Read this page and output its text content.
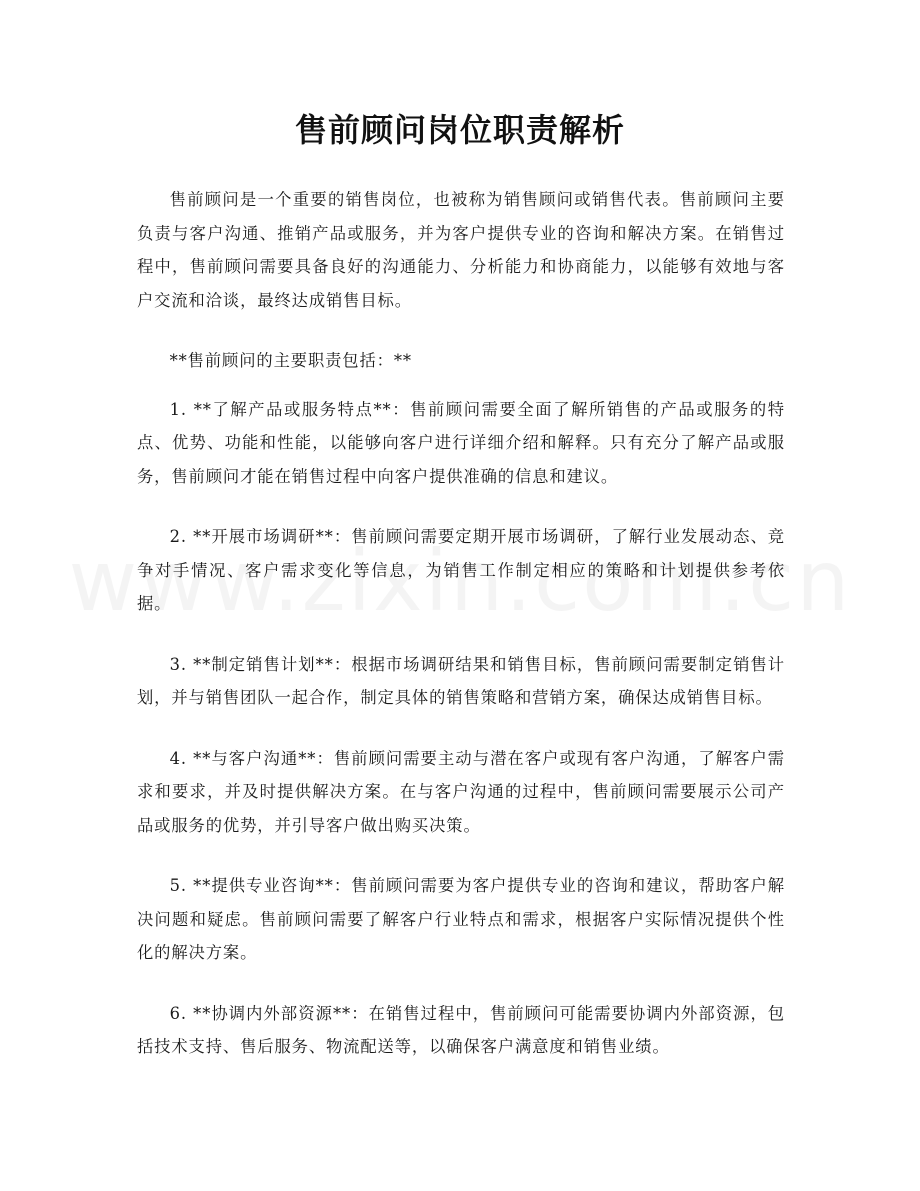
售前顾问岗位职责解析

售前顾问是一个重要的销售岗位，也被称为销售顾问或销售代表。售前顾问主要负责与客户沟通、推销产品或服务，并为客户提供专业的咨询和解决方案。在销售过程中，售前顾问需要具备良好的沟通能力、分析能力和协商能力，以能够有效地与客户交流和洽谈，最终达成销售目标。

**售前顾问的主要职责包括：**

1. **了解产品或服务特点**：售前顾问需要全面了解所销售的产品或服务的特点、优势、功能和性能，以能够向客户进行详细介绍和解释。只有充分了解产品或服务，售前顾问才能在销售过程中向客户提供准确的信息和建议。

2. **开展市场调研**：售前顾问需要定期开展市场调研，了解行业发展动态、竞争对手情况、客户需求变化等信息，为销售工作制定相应的策略和计划提供参考依据。

3. **制定销售计划**：根据市场调研结果和销售目标，售前顾问需要制定销售计划，并与销售团队一起合作，制定具体的销售策略和营销方案，确保达成销售目标。

4. **与客户沟通**：售前顾问需要主动与潜在客户或现有客户沟通，了解客户需求和要求，并及时提供解决方案。在与客户沟通的过程中，售前顾问需要展示公司产品或服务的优势，并引导客户做出购买决策。

5. **提供专业咨询**：售前顾问需要为客户提供专业的咨询和建议，帮助客户解决问题和疑虑。售前顾问需要了解客户行业特点和需求，根据客户实际情况提供个性化的解决方案。

6. **协调内外部资源**：在销售过程中，售前顾问可能需要协调内外部资源，包括技术支持、售后服务、物流配送等，以确保客户满意度和销售业绩。
